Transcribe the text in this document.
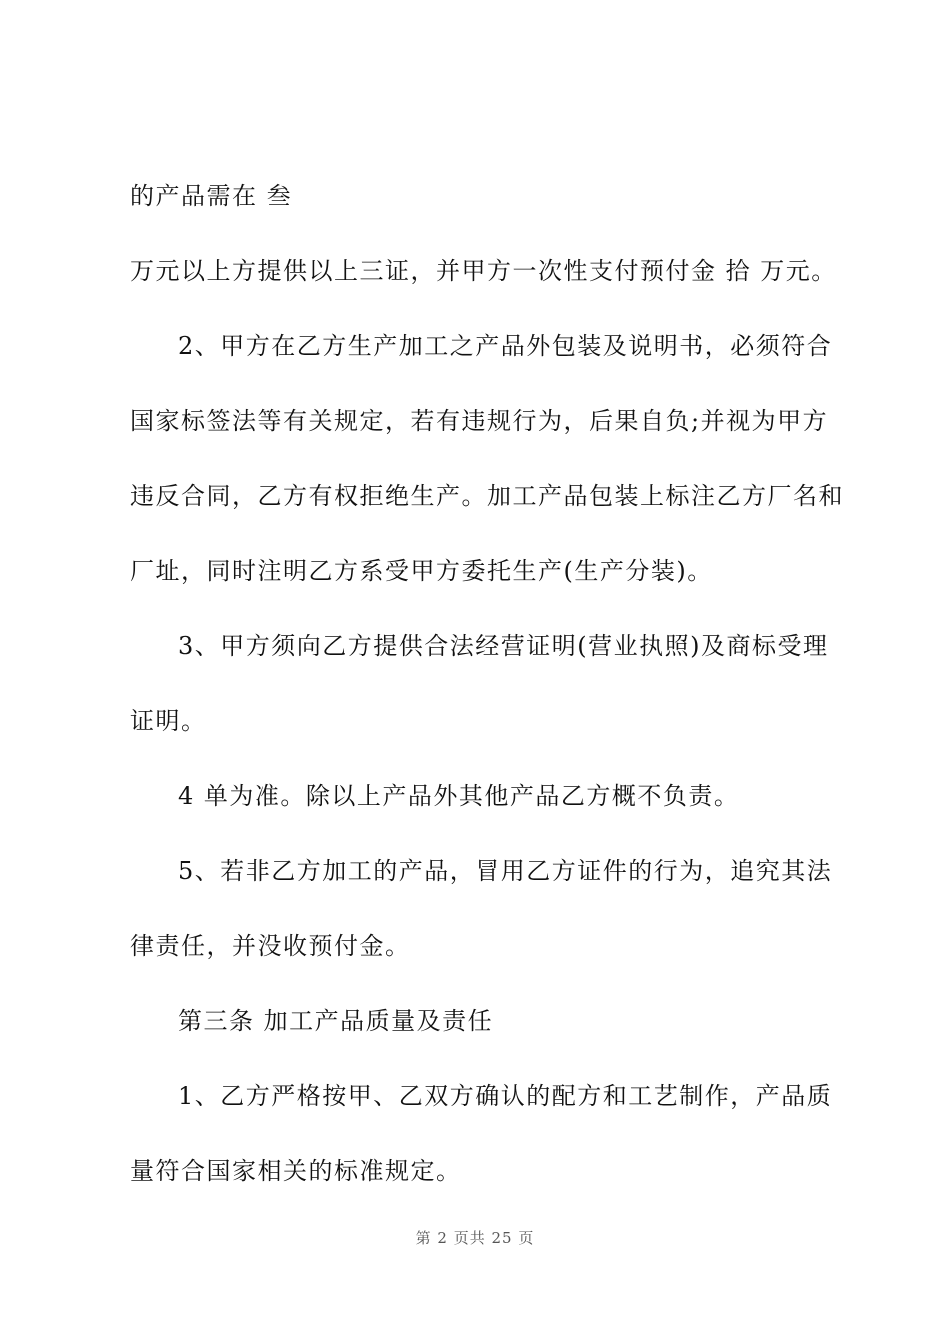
的产品需在 叁
万元以上方提供以上三证，并甲方一次性支付预付金 拾 万元。
2、甲方在乙方生产加工之产品外包装及说明书，必须符合
国家标签法等有关规定，若有违规行为，后果自负;并视为甲方
违反合同，乙方有权拒绝生产。加工产品包装上标注乙方厂名和
厂址，同时注明乙方系受甲方委托生产(生产分装)。
3、甲方须向乙方提供合法经营证明(营业执照)及商标受理
证明。
4 单为准。除以上产品外其他产品乙方概不负责。
5、若非乙方加工的产品，冒用乙方证件的行为，追究其法
律责任，并没收预付金。
第三条 加工产品质量及责任
1、乙方严格按甲、乙双方确认的配方和工艺制作，产品质
量符合国家相关的标准规定。
第 2 页共 25 页
